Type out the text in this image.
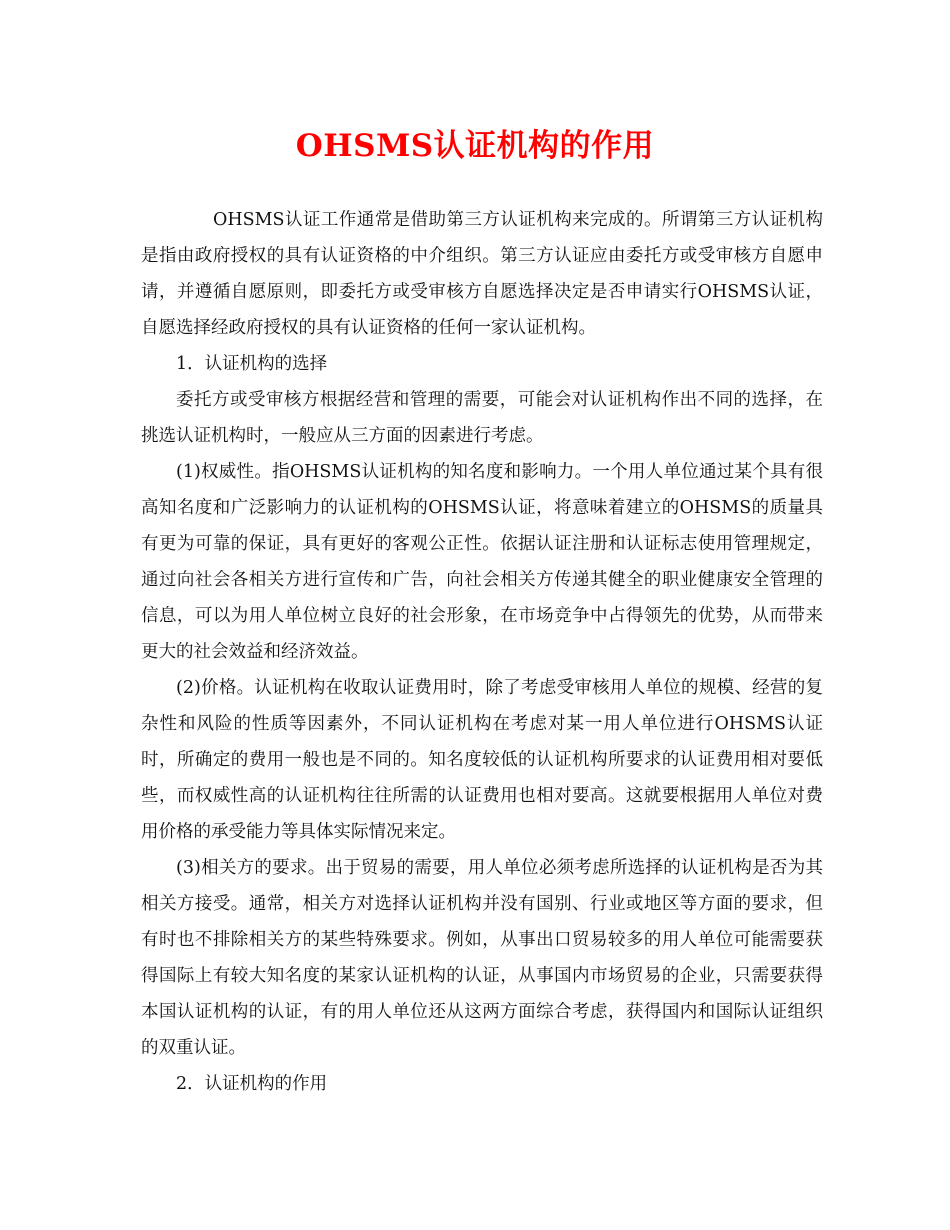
OHSMS认证机构的作用

OHSMS认证工作通常是借助第三方认证机构来完成的。所谓第三方认证机构是指由政府授权的具有认证资格的中介组织。第三方认证应由委托方或受审核方自愿申请，并遵循自愿原则，即委托方或受审核方自愿选择决定是否申请实行OHSMS认证，自愿选择经政府授权的具有认证资格的任何一家认证机构。

1．认证机构的选择

委托方或受审核方根据经营和管理的需要，可能会对认证机构作出不同的选择，在挑选认证机构时，一般应从三方面的因素进行考虑。

(1)权威性。指OHSMS认证机构的知名度和影响力。一个用人单位通过某个具有很高知名度和广泛影响力的认证机构的OHSMS认证，将意味着建立的OHSMS的质量具有更为可靠的保证，具有更好的客观公正性。依据认证注册和认证标志使用管理规定，通过向社会各相关方进行宣传和广告，向社会相关方传递其健全的职业健康安全管理的信息，可以为用人单位树立良好的社会形象，在市场竞争中占得领先的优势，从而带来更大的社会效益和经济效益。

(2)价格。认证机构在收取认证费用时，除了考虑受审核用人单位的规模、经营的复杂性和风险的性质等因素外，不同认证机构在考虑对某一用人单位进行OHSMS认证时，所确定的费用一般也是不同的。知名度较低的认证机构所要求的认证费用相对要低些，而权威性高的认证机构往往所需的认证费用也相对要高。这就要根据用人单位对费用价格的承受能力等具体实际情况来定。

(3)相关方的要求。出于贸易的需要，用人单位必须考虑所选择的认证机构是否为其相关方接受。通常，相关方对选择认证机构并没有国别、行业或地区等方面的要求，但有时也不排除相关方的某些特殊要求。例如，从事出口贸易较多的用人单位可能需要获得国际上有较大知名度的某家认证机构的认证，从事国内市场贸易的企业，只需要获得本国认证机构的认证，有的用人单位还从这两方面综合考虑，获得国内和国际认证组织的双重认证。

2．认证机构的作用
